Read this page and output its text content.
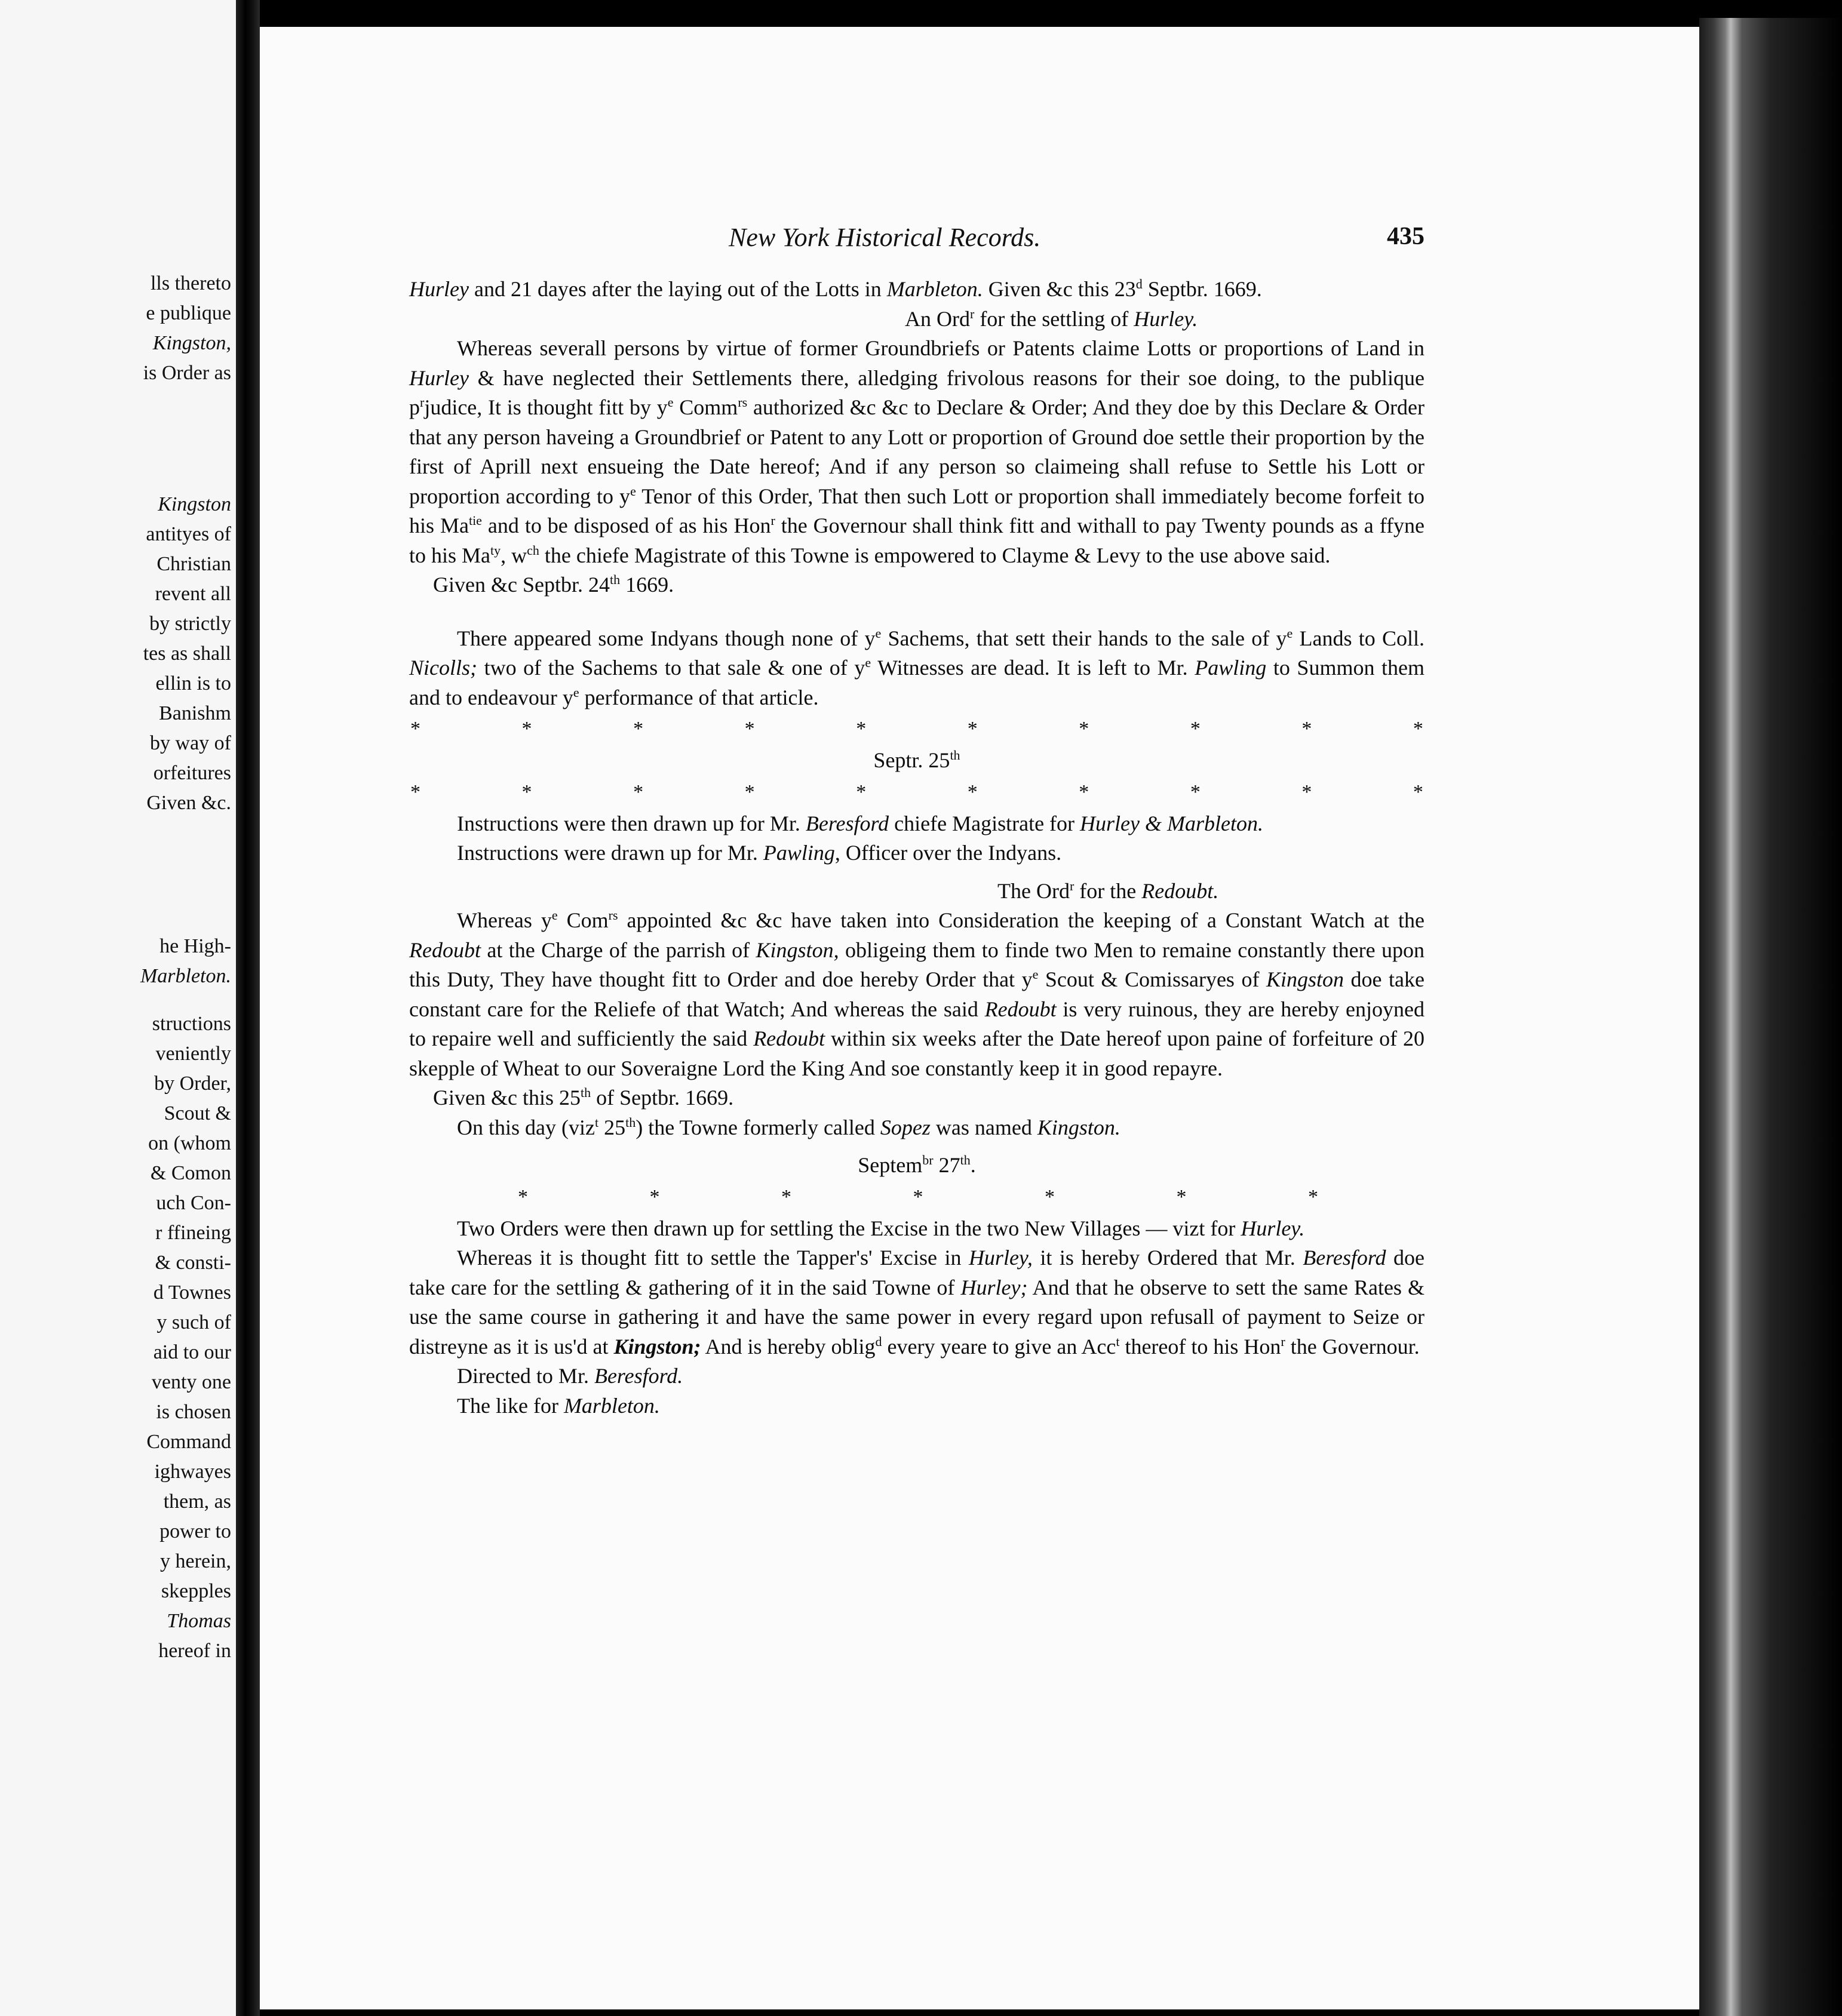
lls thereto
e publique
Kingston,
is Order as
Kingston
antityes of
Christian
revent all
by strictly
tes as shall
ellin is to
Banishm
by way of
orfeitures
Given &c.
he High-
Marbleton.
structions
veniently
by Order,
Scout &
on (whom
& Comon
uch Con-
r ffineing
& consti-
d Townes
y such of
aid to our
venty one
is chosen
Command
ighwayes
them, as
power to
y herein,
skepples
Thomas
hereof in
New York Historical Records.	435

Hurley and 21 dayes after the laying out of the Lotts in Marbleton. Given &c this 23$^d$ Septbr. 1669.

An Ord$^r$ for the settling of Hurley.

Whereas severall persons by virtue of former Groundbriefs or Patents claime Lotts or proportions of Land in Hurley & have neglected their Settlements there, alledging frivolous reasons for their soe doing, to the publique $p^rjudice$, It is thought fitt by $y^e$ Comm$^{rs}$ authorized &c &c to Declare & Order; And they doe by this Declare & Order that any person haveing a Groundbrief or Patent to any Lott or proportion of Ground doe settle their proportion by the first of Aprill next ensueing the Date hereof; And if any person so claimeing shall refuse to Settle his Lott or proportion according to $y^e$ Tenor of this Order, That then such Lott or proportion shall immediately become forfeit to his $Ma^{tie}$ and to be disposed of as his Hon$^r$ the Governour shall think fitt and withall to pay Twenty pounds as a ffyne to his $Ma^{ty}$, $w^{ch}$ the chiefe Magistrate of this Towne is empowered to Clayme & Levy to the use above said.

Given &c Septbr. 24th 1669.

There appeared some Indyans though none of $y^e$ Sachems, that sett their hands to the sale of $y^e$ Lands to Coll. Nicolls; two of the Sachems to that sale & one of $y^e$ Witnesses are dead. It is left to Mr. Pawling to Summon them and to endeavour $y^e$ performance of that article.

*	*	*	*	*	*	*	*	*	*

Septr. 25th

*	*	*	*	*	*	*	*	*	*

Instructions were then drawn up for Mr. Beresford chiefe Magistrate for Hurley & Marbleton.

Instructions were drawn up for Mr. Pawling, Officer over the Indyans.

The Ord$^r$ for the Redoubt.

Whereas $y^e$ Com$^{rs}$ appointed &c &c have taken into Consideration the keeping of a Constant Watch at the Redoubt at the Charge of the parrish of Kingston, obligeing them to finde two Men to remaine constantly there upon this Duty, They have thought fitt to Order and doe hereby Order that $y^e$ Scout & Comissaryes of Kingston doe take constant care for the Reliefe of that Watch; And whereas the said Redoubt is very ruinous, they are hereby enjoyned to repaire well and sufficiently the said Redoubt within six weeks after the Date hereof upon paine of forfeiture of 20 skepple of Wheat to our Soveraigne Lord the King And soe constantly keep it in good repayre.

Given &c this 25th of Septbr. 1669.

On this day (viz$^t$ 25th) the Towne formerly called Sopez was named Kingston.

Septem$^{br}$ 27th.

*	*	*	*	*	*	*

Two Orders were then drawn up for settling the Excise in the two New Villages — vizt for Hurley.

Whereas it is thought fitt to settle the Tapper's' Excise in Hurley, it is hereby Ordered that Mr. Beresford doe take care for the settling & gathering of it in the said Towne of Hurley; And that he observe to sett the same Rates & use the same course in gathering it and have the same power in every regard upon refusall of payment to Seize or distreyne as it is us'd at Kingston; And is hereby oblig$^d$ every yeare to give an Acc$^t$ thereof to his Hon$^r$ the Governour.

Directed to Mr. Beresford.

The like for Marbleton.
